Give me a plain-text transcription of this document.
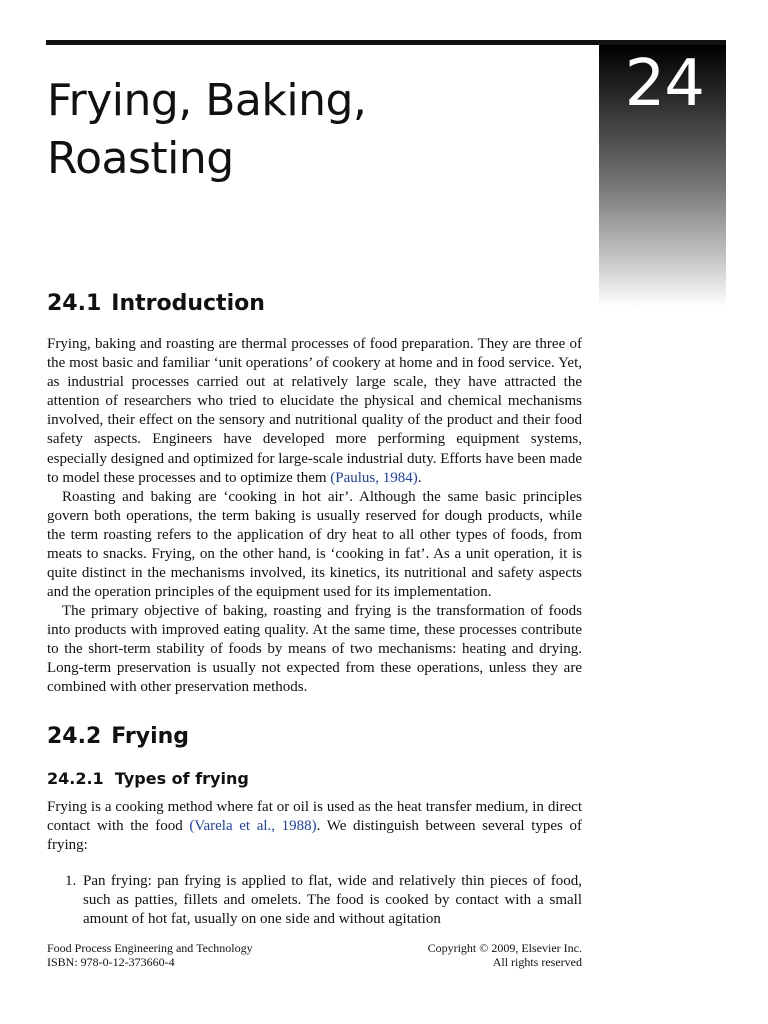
24
Frying, Baking,
Roasting
24.1 Introduction

Frying, baking and roasting are thermal processes of food preparation. They are three of the most basic and familiar ‘unit operations’ of cookery at home and in food service. Yet, as industrial processes carried out at relatively large scale, they have attracted the attention of researchers who tried to elucidate the physical and chemical mechanisms involved, their effect on the sensory and nutritional quality of the product and their food safety aspects. Engineers have developed more performing equipment systems, especially designed and optimized for large-scale industrial duty. Efforts have been made to model these processes and to optimize them (Paulus, 1984).

Roasting and baking are ‘cooking in hot air’. Although the same basic principles govern both operations, the term baking is usually reserved for dough products, while the term roasting refers to the application of dry heat to all other types of foods, from meats to snacks. Frying, on the other hand, is ‘cooking in fat’. As a unit operation, it is quite distinct in the mechanisms involved, its kinetics, its nutritional and safety aspects and the operation principles of the equipment used for its implementation.

The primary objective of baking, roasting and frying is the transformation of foods into products with improved eating quality. At the same time, these processes contribute to the short-term stability of foods by means of two mechanisms: heating and drying. Long-term preservation is usually not expected from these operations, unless they are combined with other preservation methods.

24.2 Frying
24.2.1 Types of frying

Frying is a cooking method where fat or oil is used as the heat transfer medium, in direct contact with the food (Varela et al., 1988). We distinguish between several types of frying:

1. Pan frying: pan frying is applied to flat, wide and relatively thin pieces of food, such as patties, fillets and omelets. The food is cooked by contact with a small amount of hot fat, usually on one side and without agitation
Food Process Engineering and Technology
ISBN: 978-0-12-373660-4
Copyright © 2009, Elsevier Inc.
All rights reserved
